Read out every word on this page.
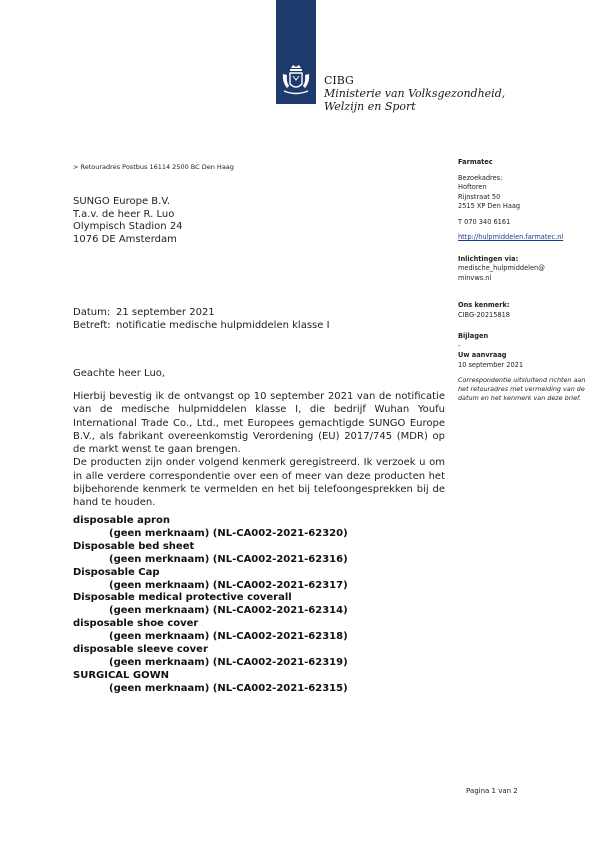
CIBG
Ministerie van Volksgezondheid,
Welzijn en Sport
> Retouradres Postbus 16114 2500 BC Den Haag
SUNGO Europe B.V.
T.a.v. de heer R. Luo
Olympisch Stadion 24
1076 DE Amsterdam
Datum: 21 september 2021
Betreft: notificatie medische hulpmiddelen klasse I
Geachte heer Luo,

Hierbij bevestig ik de ontvangst op 10 september 2021 van de notificatie van de medische hulpmiddelen klasse I, die bedrijf Wuhan Youfu International Trade Co., Ltd., met Europees gemachtigde SUNGO Europe B.V., als fabrikant overeenkomstig Verordening (EU) 2017/745 (MDR) op de markt wenst te gaan brengen.

De producten zijn onder volgend kenmerk geregistreerd. Ik verzoek u om in alle verdere correspondentie over een of meer van deze producten het bijbehorende kenmerk te vermelden en het bij telefoongesprekken bij de hand te houden.

disposable apron
(geen merknaam) (NL-CA002-2021-62320)
Disposable bed sheet
(geen merknaam) (NL-CA002-2021-62316)
Disposable Cap
(geen merknaam) (NL-CA002-2021-62317)
Disposable medical protective coverall
(geen merknaam) (NL-CA002-2021-62314)
disposable shoe cover
(geen merknaam) (NL-CA002-2021-62318)
disposable sleeve cover
(geen merknaam) (NL-CA002-2021-62319)
SURGICAL GOWN
(geen merknaam) (NL-CA002-2021-62315)
Farmatec
Bezoekadres:
Hoftoren
Rijnstraat 50
2515 XP Den Haag
T 070 340 6161
http://hulpmiddelen.farmatec.nl
Inlichtingen via:
medische_hulpmiddelen@
minvws.nl
Ons kenmerk:
CIBG-20215818
Bijlagen
-
Uw aanvraag
10 september 2021
Correspondentie uitsluitend richten aan het retouradres met vermelding van de datum en het kenmerk van deze brief.
Pagina 1 van 2
